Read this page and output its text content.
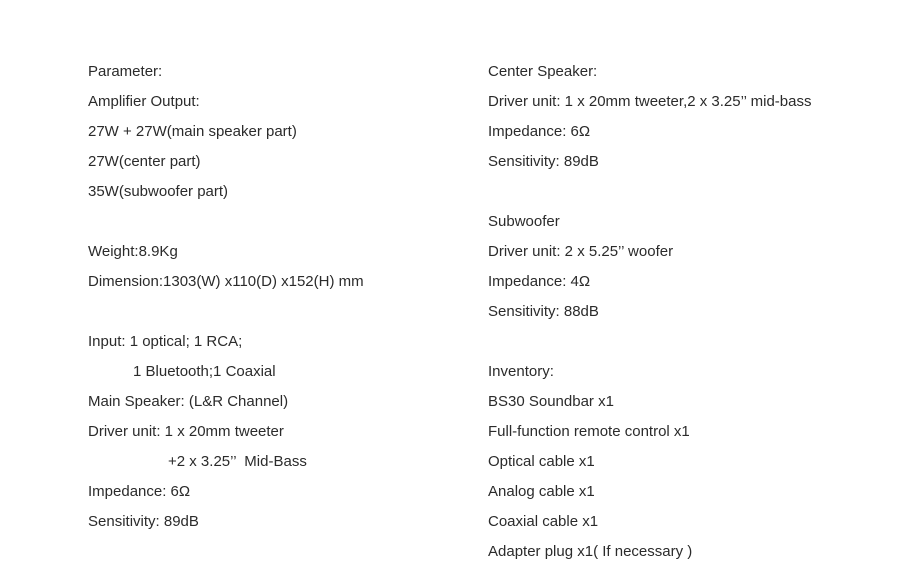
Parameter:
Amplifier Output:
27W + 27W(main speaker part)
27W(center part)
35W(subwoofer part)
Weight:8.9Kg
Dimension:1303(W) x110(D) x152(H) mm
Input: 1 optical; 1 RCA;
1 Bluetooth;1 Coaxial
Main Speaker: (L&R Channel)
Driver unit: 1 x 20mm tweeter
+2 x 3.25’’  Mid-Bass
Impedance: 6Ω
Sensitivity: 89dB
Center Speaker:
Driver unit: 1 x 20mm tweeter,2 x 3.25’’ mid-bass
Impedance: 6Ω
Sensitivity: 89dB
Subwoofer
Driver unit: 2 x 5.25’’ woofer
Impedance: 4Ω
Sensitivity: 88dB
Inventory:
BS30 Soundbar x1
Full-function remote control x1
Optical cable x1
Analog cable x1
Coaxial cable x1
Adapter plug x1( If necessary )
